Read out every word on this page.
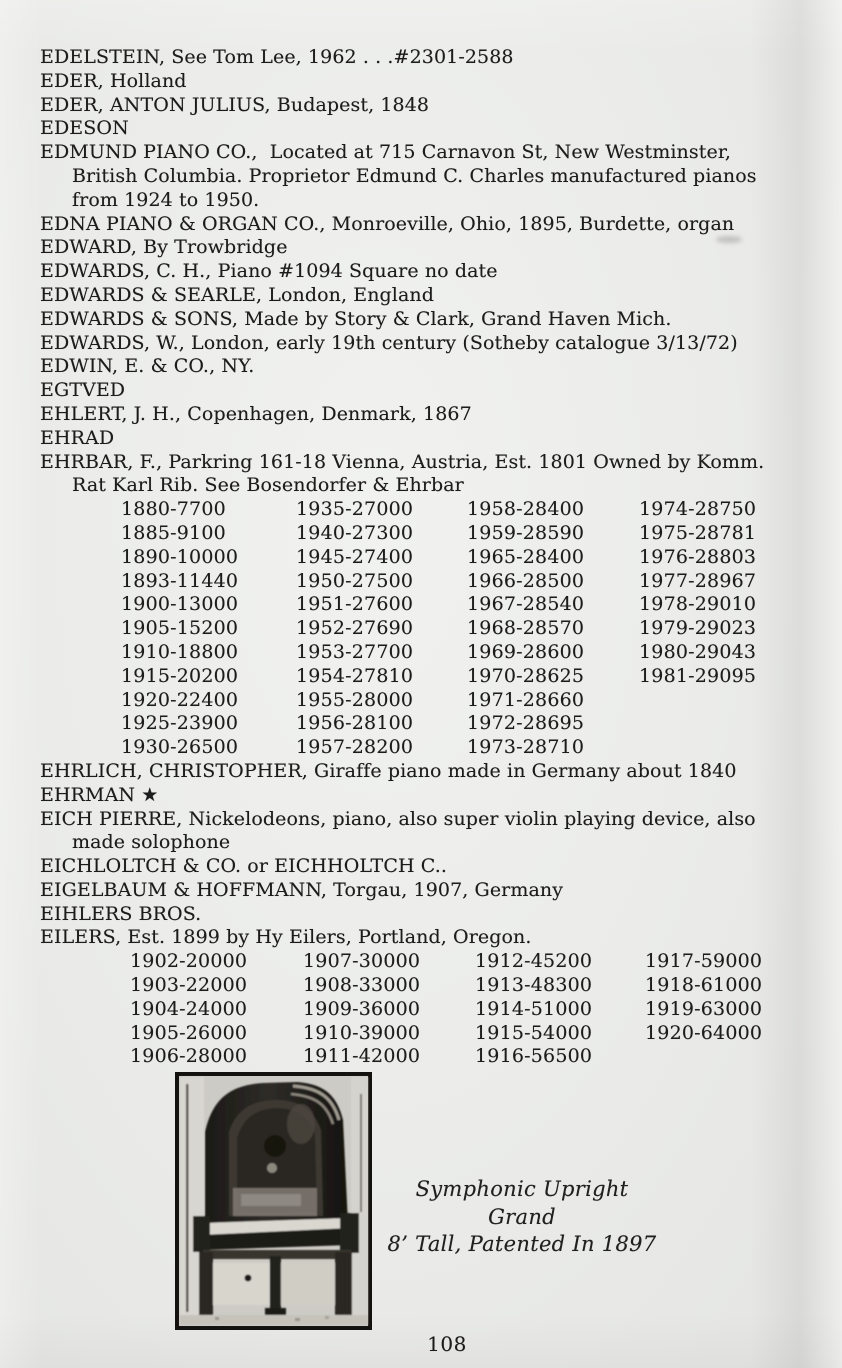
EDELSTEIN, See Tom Lee, 1962 . . .#2301-2588
EDER, Holland
EDER, ANTON JULIUS, Budapest, 1848
EDESON
EDMUND PIANO CO.,  Located at 715 Carnavon St, New Westminster,
British Columbia. Proprietor Edmund C. Charles manufactured pianos
from 1924 to 1950.
EDNA PIANO & ORGAN CO., Monroeville, Ohio, 1895, Burdette, organ
EDWARD, By Trowbridge
EDWARDS, C. H., Piano #1094 Square no date
EDWARDS & SEARLE, London, England
EDWARDS & SONS, Made by Story & Clark, Grand Haven Mich.
EDWARDS, W., London, early 19th century (Sotheby catalogue 3/13/72)
EDWIN, E. & CO., NY.
EGTVED
EHLERT, J. H., Copenhagen, Denmark, 1867
EHRAD
EHRBAR, F., Parkring 161-18 Vienna, Austria, Est. 1801 Owned by Komm.
Rat Karl Rib. See Bosendorfer & Ehrbar
1880-7700	1935-27000	1958-28400	1974-28750
1885-9100	1940-27300	1959-28590	1975-28781
1890-10000	1945-27400	1965-28400	1976-28803
1893-11440	1950-27500	1966-28500	1977-28967
1900-13000	1951-27600	1967-28540	1978-29010
1905-15200	1952-27690	1968-28570	1979-29023
1910-18800	1953-27700	1969-28600	1980-29043
1915-20200	1954-27810	1970-28625	1981-29095
1920-22400	1955-28000	1971-28660
1925-23900	1956-28100	1972-28695
1930-26500	1957-28200	1973-28710
EHRLICH, CHRISTOPHER, Giraffe piano made in Germany about 1840
EHRMAN ★
EICH PIERRE, Nickelodeons, piano, also super violin playing device, also
made solophone
EICHLOLTCH & CO. or EICHHOLTCH C..
EIGELBAUM & HOFFMANN, Torgau, 1907, Germany
EIHLERS BROS.
EILERS, Est. 1899 by Hy Eilers, Portland, Oregon.
1902-20000	1907-30000	1912-45200	1917-59000
1903-22000	1908-33000	1913-48300	1918-61000
1904-24000	1909-36000	1914-51000	1919-63000
1905-26000	1910-39000	1915-54000	1920-64000
1906-28000	1911-42000	1916-56500
Symphonic Upright Grand
8’ Tall, Patented In 1897
108
